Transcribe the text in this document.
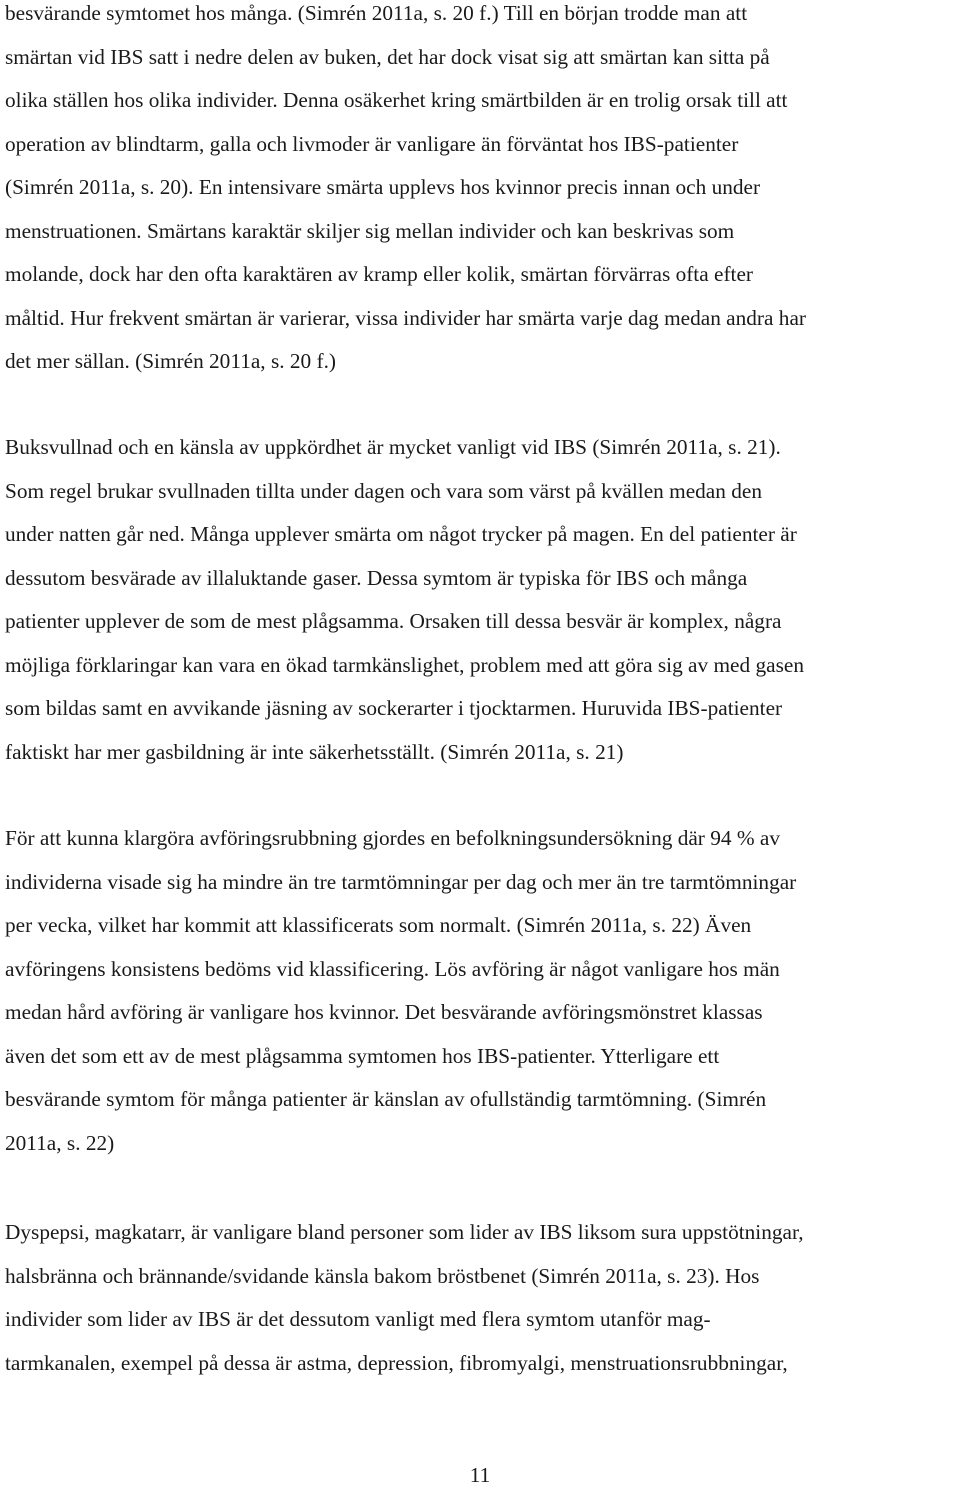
besvärande symtomet hos många. (Simrén 2011a, s. 20 f.) Till en början trodde man att
smärtan vid IBS satt i nedre delen av buken, det har dock visat sig att smärtan kan sitta på
olika ställen hos olika individer. Denna osäkerhet kring smärtbilden är en trolig orsak till att
operation av blindtarm, galla och livmoder är vanligare än förväntat hos IBS-patienter
(Simrén 2011a, s. 20). En intensivare smärta upplevs hos kvinnor precis innan och under
menstruationen. Smärtans karaktär skiljer sig mellan individer och kan beskrivas som
molande, dock har den ofta karaktären av kramp eller kolik, smärtan förvärras ofta efter
måltid. Hur frekvent smärtan är varierar, vissa individer har smärta varje dag medan andra har
det mer sällan. (Simrén 2011a, s. 20 f.)

Buksvullnad och en känsla av uppkördhet är mycket vanligt vid IBS (Simrén 2011a, s. 21).
Som regel brukar svullnaden tillta under dagen och vara som värst på kvällen medan den
under natten går ned. Många upplever smärta om något trycker på magen. En del patienter är
dessutom besvärade av illaluktande gaser. Dessa symtom är typiska för IBS och många
patienter upplever de som de mest plågsamma. Orsaken till dessa besvär är komplex, några
möjliga förklaringar kan vara en ökad tarmkänslighet, problem med att göra sig av med gasen
som bildas samt en avvikande jäsning av sockerarter i tjocktarmen. Huruvida IBS-patienter
faktiskt har mer gasbildning är inte säkerhetsställt. (Simrén 2011a, s. 21)

För att kunna klargöra avföringsrubbning gjordes en befolkningsundersökning där 94 % av
individerna visade sig ha mindre än tre tarmtömningar per dag och mer än tre tarmtömningar
per vecka, vilket har kommit att klassificerats som normalt. (Simrén 2011a, s. 22) Även
avföringens konsistens bedöms vid klassificering. Lös avföring är något vanligare hos män
medan hård avföring är vanligare hos kvinnor. Det besvärande avföringsmönstret klassas
även det som ett av de mest plågsamma symtomen hos IBS-patienter. Ytterligare ett
besvärande symtom för många patienter är känslan av ofullständig tarmtömning. (Simrén
2011a, s. 22)

Dyspepsi, magkatarr, är vanligare bland personer som lider av IBS liksom sura uppstötningar,
halsbränna och brännande/svidande känsla bakom bröstbenet (Simrén 2011a, s. 23). Hos
individer som lider av IBS är det dessutom vanligt med flera symtom utanför mag-
tarmkanalen, exempel på dessa är astma, depression, fibromyalgi, menstruationsrubbningar,

11
